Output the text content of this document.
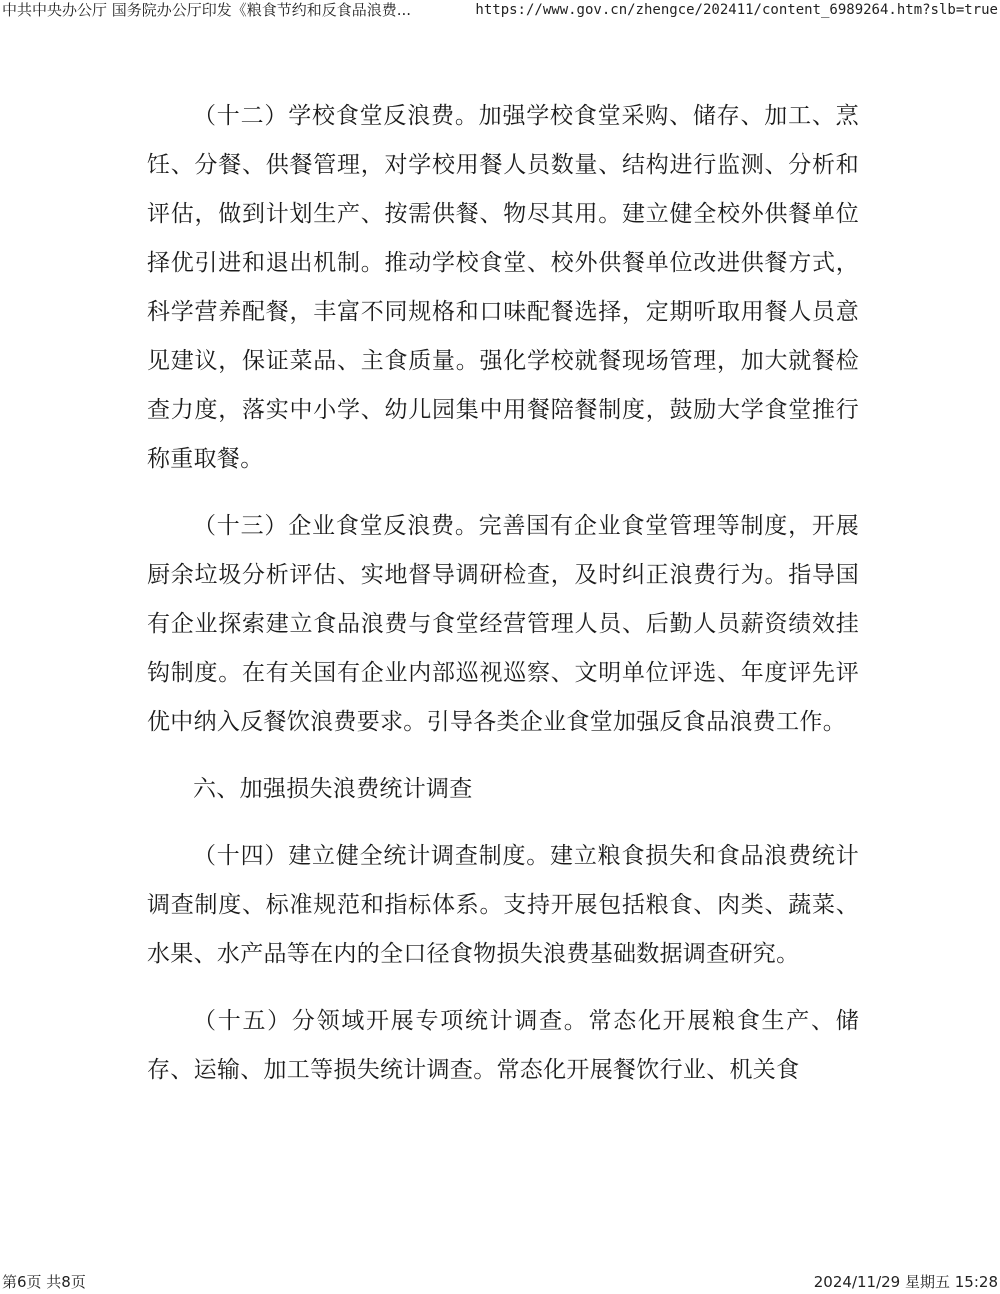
中共中央办公厅 国务院办公厅印发《粮食节约和反食品浪费...	https://www.gov.cn/zhengce/202411/content_6989264.htm?slb=true

（十二）学校食堂反浪费。加强学校食堂采购、储存、加工、烹饪、分餐、供餐管理，对学校用餐人员数量、结构进行监测、分析和评估，做到计划生产、按需供餐、物尽其用。建立健全校外供餐单位择优引进和退出机制。推动学校食堂、校外供餐单位改进供餐方式，科学营养配餐，丰富不同规格和口味配餐选择，定期听取用餐人员意见建议，保证菜品、主食质量。强化学校就餐现场管理，加大就餐检查力度，落实中小学、幼儿园集中用餐陪餐制度，鼓励大学食堂推行称重取餐。

（十三）企业食堂反浪费。完善国有企业食堂管理等制度，开展厨余垃圾分析评估、实地督导调研检查，及时纠正浪费行为。指导国有企业探索建立食品浪费与食堂经营管理人员、后勤人员薪资绩效挂钩制度。在有关国有企业内部巡视巡察、文明单位评选、年度评先评优中纳入反餐饮浪费要求。引导各类企业食堂加强反食品浪费工作。

六、加强损失浪费统计调查

（十四）建立健全统计调查制度。建立粮食损失和食品浪费统计调查制度、标准规范和指标体系。支持开展包括粮食、肉类、蔬菜、水果、水产品等在内的全口径食物损失浪费基础数据调查研究。

（十五）分领域开展专项统计调查。常态化开展粮食生产、储存、运输、加工等损失统计调查。常态化开展餐饮行业、机关食

第6页 共8页	2024/11/29 星期五 15:28
